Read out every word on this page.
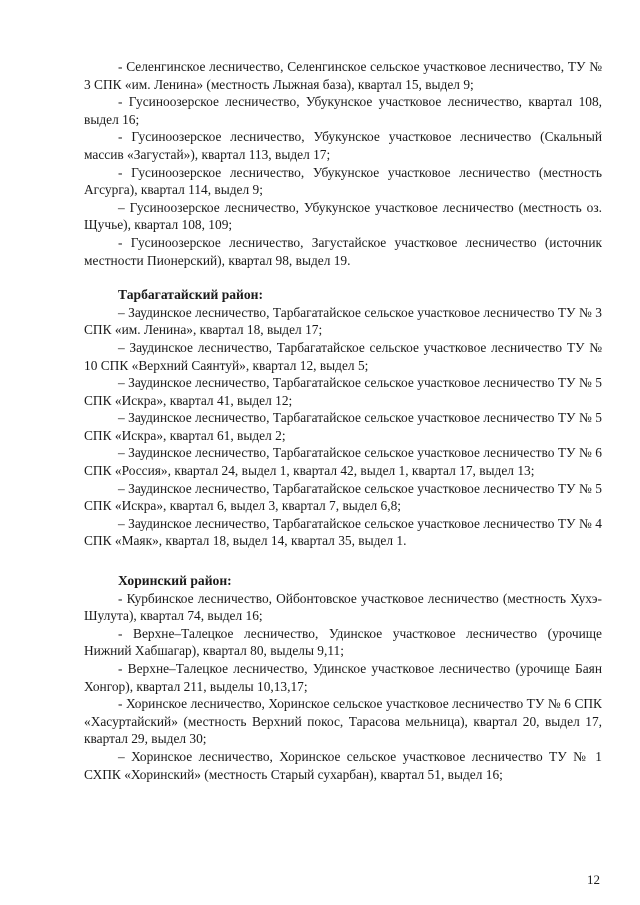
- Селенгинское лесничество, Селенгинское сельское участковое лесничество, ТУ № 3 СПК «им. Ленина» (местность Лыжная база), квартал 15, выдел 9;

- Гусиноозерское лесничество, Убукунское участковое лесничество, квартал 108, выдел 16;

- Гусиноозерское лесничество, Убукунское участковое лесничество (Скальный массив «Загустай»), квартал 113, выдел 17;

- Гусиноозерское лесничество, Убукунское участковое лесничество (местность Агсурга), квартал 114, выдел 9;

– Гусиноозерское лесничество, Убукунское участковое лесничество (местность оз. Щучье), квартал 108, 109;

- Гусиноозерское лесничество, Загустайское участковое лесничество (источник местности Пионерский), квартал 98, выдел 19.

Тарбагатайский район:

– Заудинское лесничество, Тарбагатайское сельское участковое лесничество ТУ № 3 СПК «им. Ленина», квартал 18, выдел 17;

– Заудинское лесничество, Тарбагатайское сельское участковое лесничество ТУ № 10 СПК «Верхний Саянтуй», квартал 12, выдел 5;

– Заудинское лесничество, Тарбагатайское сельское участковое лесничество ТУ № 5 СПК «Искра», квартал 41, выдел 12;

– Заудинское лесничество, Тарбагатайское сельское участковое лесничество ТУ № 5 СПК «Искра», квартал 61, выдел 2;

– Заудинское лесничество, Тарбагатайское сельское участковое лесничество ТУ № 6 СПК «Россия», квартал 24, выдел 1, квартал 42, выдел 1, квартал 17, выдел 13;

– Заудинское лесничество, Тарбагатайское сельское участковое лесничество ТУ № 5 СПК «Искра», квартал 6, выдел 3, квартал 7, выдел 6,8;

– Заудинское лесничество, Тарбагатайское сельское участковое лесничество ТУ № 4 СПК «Маяк», квартал 18, выдел 14, квартал 35, выдел 1.

Хоринский район:

- Курбинское лесничество, Ойбонтовское участковое лесничество (местность Хухэ-Шулута), квартал 74, выдел 16;

- Верхне–Талецкое лесничество, Удинское участковое лесничество (урочище Нижний Хабшагар), квартал 80, выделы 9,11;

- Верхне–Талецкое лесничество, Удинское участковое лесничество (урочище Баян Хонгор), квартал 211, выделы 10,13,17;

- Хоринское лесничество, Хоринское сельское участковое лесничество ТУ № 6 СПК «Хасуртайский» (местность Верхний покос, Тарасова мельница), квартал 20, выдел 17, квартал 29, выдел 30;

– Хоринское лесничество, Хоринское сельское участковое лесничество ТУ № 1 СХПК «Хоринский» (местность Старый сухарбан), квартал 51, выдел 16;

12
